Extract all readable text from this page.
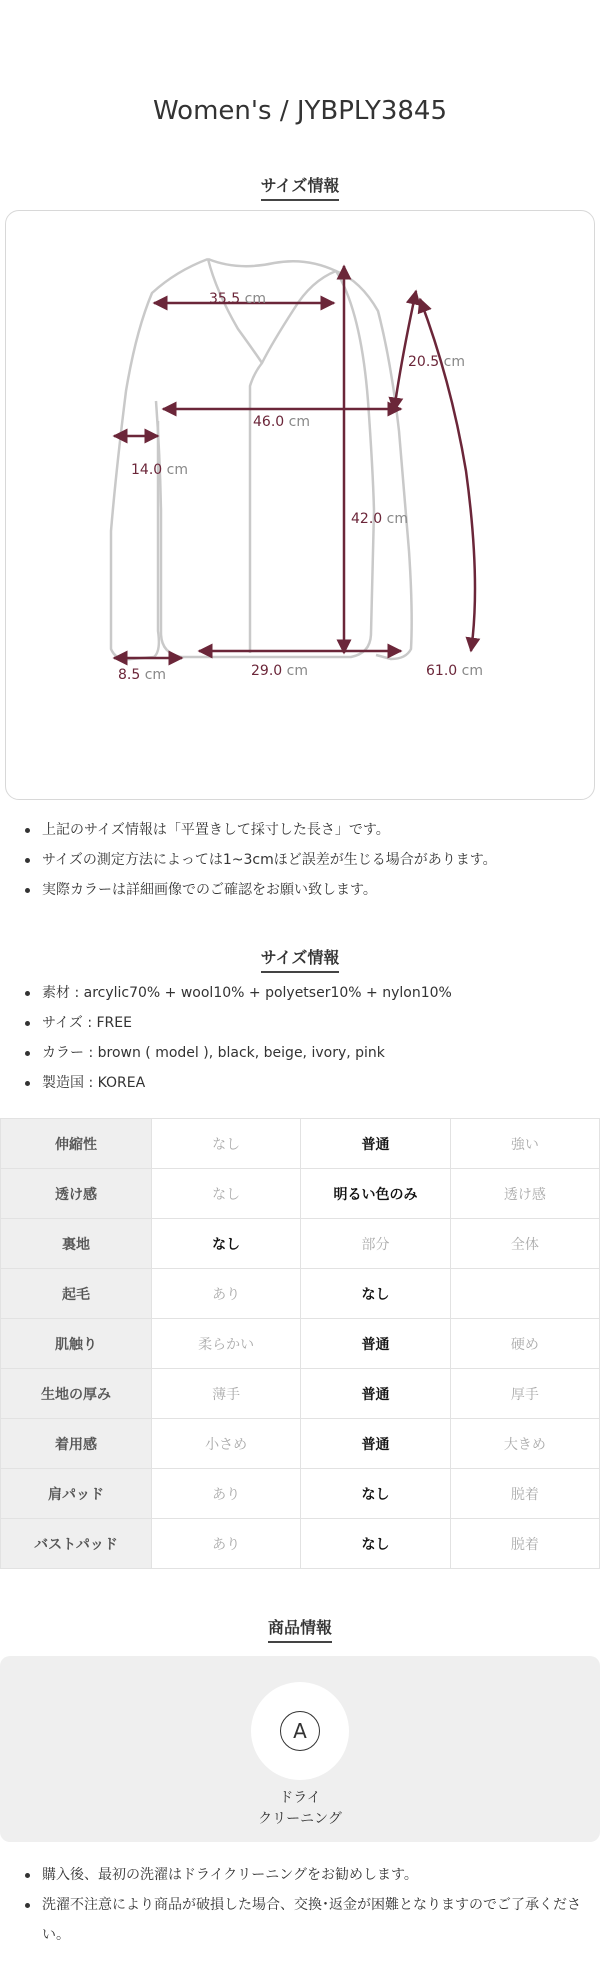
Women's / JYBPLY3845
サイズ情報
35.5 cm
20.5 cm
46.0 cm
14.0 cm
42.0 cm
8.5 cm	29.0 cm	61.0 cm
上記のサイズ情報は「平置きして採寸した長さ」です。
サイズの測定方法によっては1~3cmほど誤差が生じる場合があります。
実際カラーは詳細画像でのご確認をお願い致します。
サイズ情報
素材 : arcylic70% + wool10% + polyetser10% + nylon10%
サイズ : FREE
カラー : brown ( model ), black, beige, ivory, pink
製造国 : KOREA
伸縮性	なし	普通	強い
透け感	なし	明るい色のみ	透け感
裏地	なし	部分	全体
起毛	あり	なし	
肌触り	柔らかい	普通	硬め
生地の厚み	薄手	普通	厚手
着用感	小さめ	普通	大きめ
肩パッド	あり	なし	脱着
バストパッド	あり	なし	脱着
商品情報
A
ドライ
クリーニング
購入後、最初の洗濯はドライクリーニングをお勧めします。
洗濯不注意により商品が破損した場合、交換･返金が困難となりますのでご了承くださ
い。
